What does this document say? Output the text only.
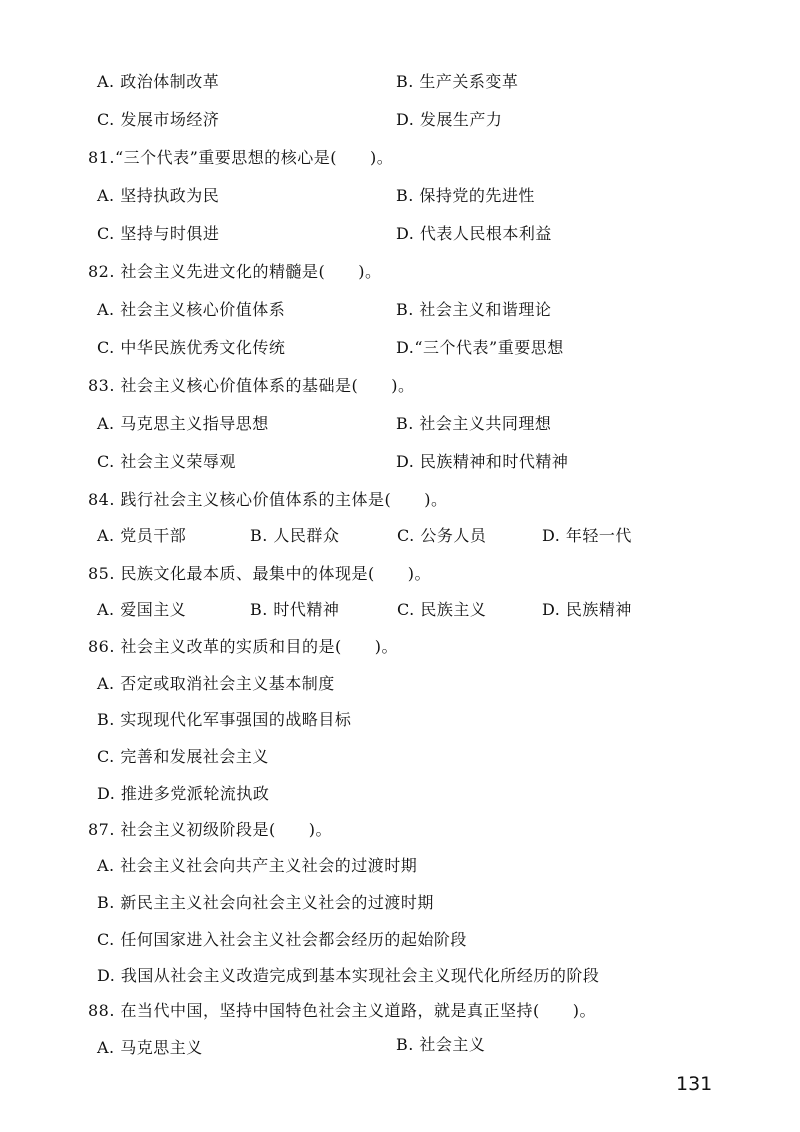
A. 政治体制改革	B. 生产关系变革
C. 发展市场经济	D. 发展生产力
81.“三个代表”重要思想的核心是(　　)。
A. 坚持执政为民	B. 保持党的先进性
C. 坚持与时俱进	D. 代表人民根本利益
82. 社会主义先进文化的精髓是(　　)。
A. 社会主义核心价值体系	B. 社会主义和谐理论
C. 中华民族优秀文化传统	D.“三个代表”重要思想
83. 社会主义核心价值体系的基础是(　　)。
A. 马克思主义指导思想	B. 社会主义共同理想
C. 社会主义荣辱观	D. 民族精神和时代精神
84. 践行社会主义核心价值体系的主体是(　　)。
A. 党员干部	B. 人民群众	C. 公务人员	D. 年轻一代
85. 民族文化最本质、最集中的体现是(　　)。
A. 爱国主义	B. 时代精神	C. 民族主义	D. 民族精神
86. 社会主义改革的实质和目的是(　　)。
A. 否定或取消社会主义基本制度
B. 实现现代化军事强国的战略目标
C. 完善和发展社会主义
D. 推进多党派轮流执政
87. 社会主义初级阶段是(　　)。
A. 社会主义社会向共产主义社会的过渡时期
B. 新民主主义社会向社会主义社会的过渡时期
C. 任何国家进入社会主义社会都会经历的起始阶段
D. 我国从社会主义改造完成到基本实现社会主义现代化所经历的阶段
88. 在当代中国，坚持中国特色社会主义道路，就是真正坚持(　　)。
A. 马克思主义	B. 社会主义
131
